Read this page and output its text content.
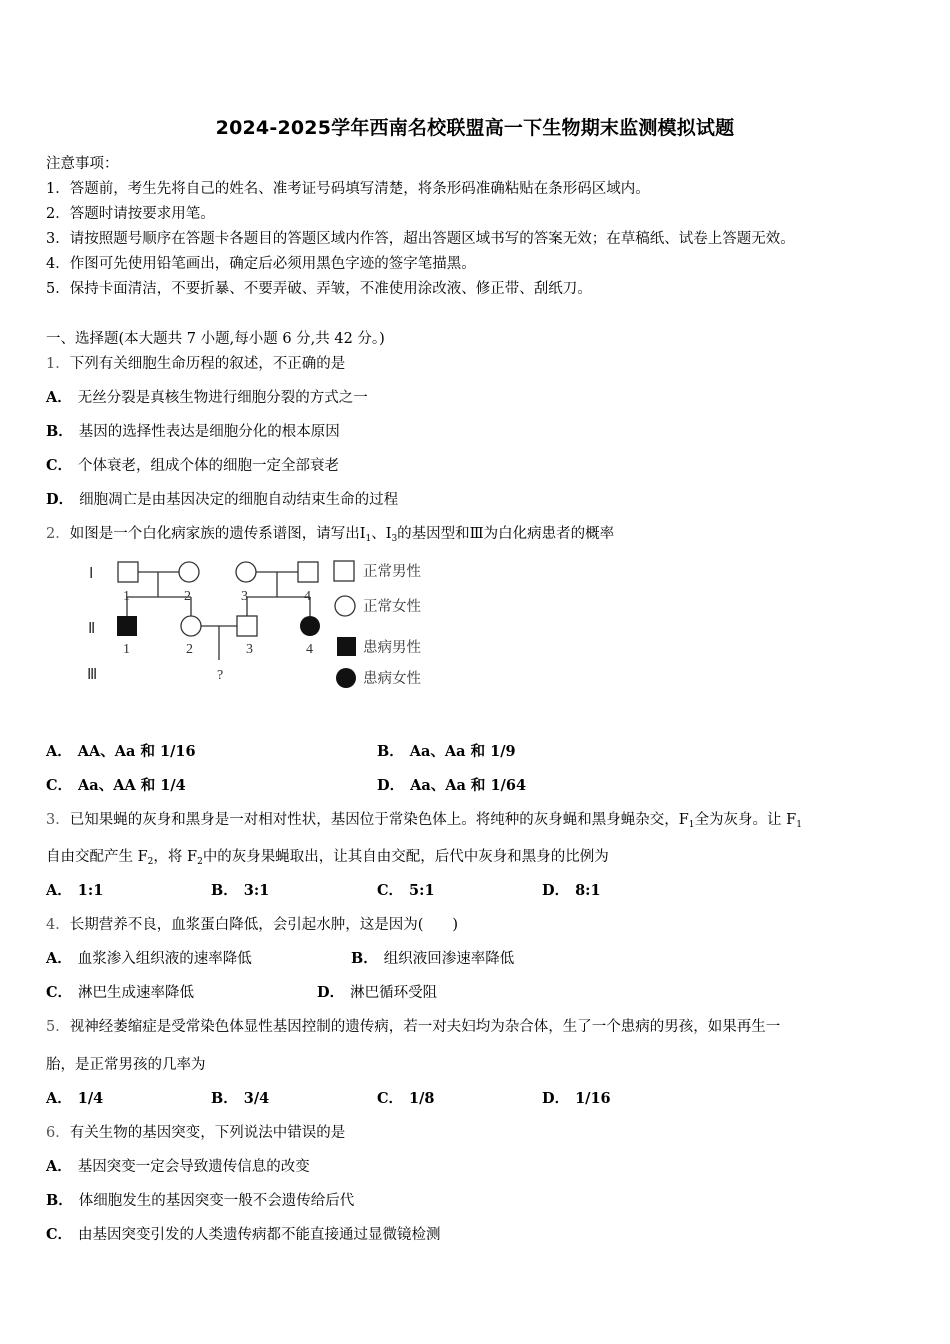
2024-2025学年西南名校联盟高一下生物期末监测模拟试题
注意事项：
1．答题前，考生先将自己的姓名、准考证号码填写清楚，将条形码准确粘贴在条形码区域内。
2．答题时请按要求用笔。
3．请按照题号顺序在答题卡各题目的答题区域内作答，超出答题区域书写的答案无效；在草稿纸、试卷上答题无效。
4．作图可先使用铅笔画出，确定后必须用黑色字迹的签字笔描黑。
5．保持卡面清洁，不要折暴、不要弄破、弄皱，不准使用涂改液、修正带、刮纸刀。
一、选择题(本大题共 7 小题,每小题 6 分,共 42 分。)
1．下列有关细胞生命历程的叙述，不正确的是
A． 无丝分裂是真核生物进行细胞分裂的方式之一
B． 基因的选择性表达是细胞分化的根本原因
C． 个体衰老，组成个体的细胞一定全部衰老
D． 细胞凋亡是由基因决定的细胞自动结束生命的过程
2．如图是一个白化病家族的遗传系谱图，请写出$Ⅰ_1$、$Ⅰ_3$的基因型和Ⅲ为白化病患者的概率
Ⅰ
Ⅱ
Ⅲ
1	2	3	4
1	2	3	4
?
正常男性
正常女性
患病男性
患病女性
A． AA、Aa 和 1/16	B． Aa、Aa 和 1/9
C． Aa、AA 和 1/4	D． Aa、Aa 和 1/64
3．已知果蝇的灰身和黑身是一对相对性状，基因位于常染色体上。将纯种的灰身蝇和黑身蝇杂交，$F_1$全为灰身。让 $F_1$
自由交配产生 $F_2$，将 $F_2$中的灰身果蝇取出，让其自由交配，后代中灰身和黑身的比例为
A． 1:1	B． 3:1	C． 5:1	D． 8:1
4．长期营养不良，血浆蛋白降低，会引起水肿，这是因为(　　)
A． 血浆渗入组织液的速率降低	B． 组织液回渗速率降低
C． 淋巴生成速率降低	D． 淋巴循环受阻
5．视神经萎缩症是受常染色体显性基因控制的遗传病，若一对夫妇均为杂合体，生了一个患病的男孩，如果再生一
胎，是正常男孩的几率为
A． 1/4	B． 3/4	C． 1/8	D． 1/16
6．有关生物的基因突变，下列说法中错误的是
A． 基因突变一定会导致遗传信息的改变
B． 体细胞发生的基因突变一般不会遗传给后代
C． 由基因突变引发的人类遗传病都不能直接通过显微镜检测
